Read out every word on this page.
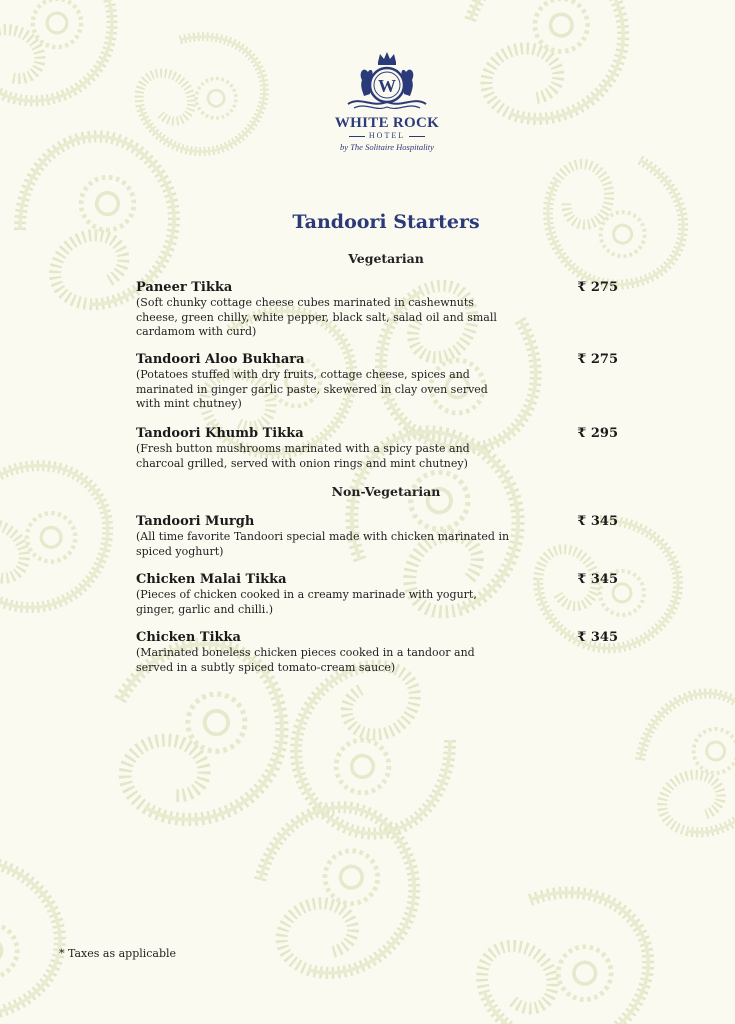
W
WHITE ROCK
HOTEL
by The Solitaire Hospitality
Tandoori Starters
Vegetarian
Paneer Tikka
(Soft chunky cottage cheese cubes marinated in cashewnuts cheese, green chilly, white pepper, black salt, salad oil and small cardamom with curd)
₹ 275
Tandoori Aloo Bukhara
(Potatoes stuffed with dry fruits, cottage cheese, spices and marinated in ginger garlic paste, skewered in clay oven served with mint chutney)
₹ 275
Tandoori Khumb Tikka
(Fresh button mushrooms marinated with a spicy paste and charcoal grilled, served with onion rings and mint chutney)
₹ 295
Non-Vegetarian
Tandoori Murgh
(All time favorite Tandoori special made with chicken marinated in spiced yoghurt)
₹ 345
Chicken Malai Tikka
(Pieces of chicken cooked in a creamy marinade with yogurt, ginger, garlic and chilli.)
₹ 345
Chicken Tikka
(Marinated boneless chicken pieces cooked in a tandoor and served in a subtly spiced tomato-cream sauce)
₹ 345
* Taxes as applicable
